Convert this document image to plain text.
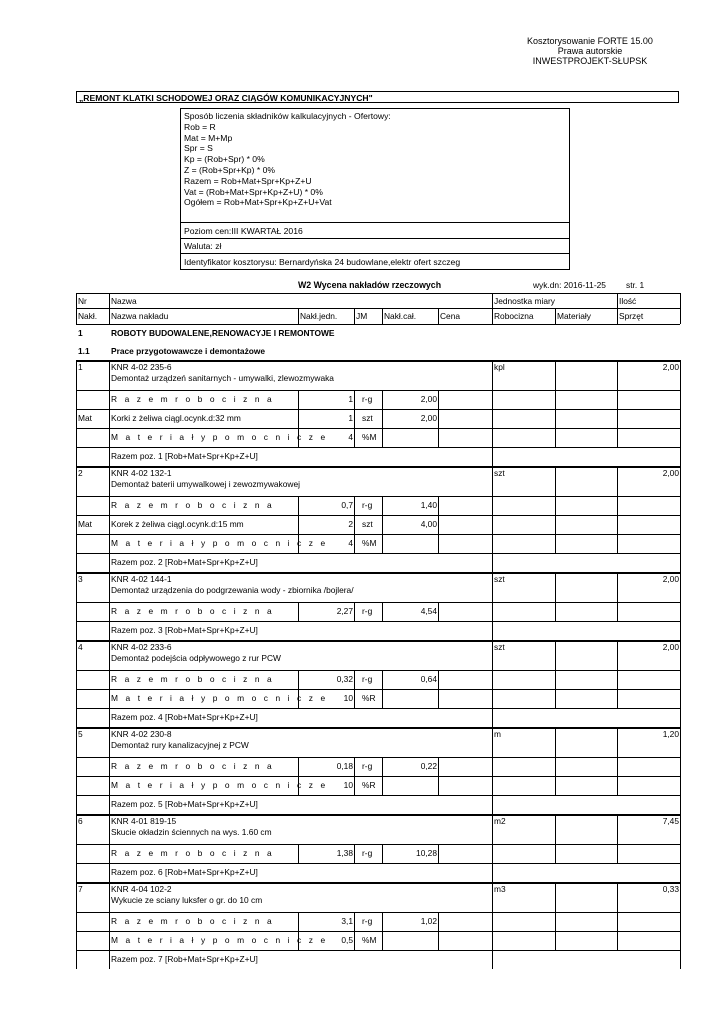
Kosztorysowanie FORTE 15.00
Prawa autorskie
INWESTPROJEKT-SŁUPSK
„REMONT KLATKI SCHODOWEJ ORAZ CIĄGÓW KOMUNIKACYJNYCH"
Sposób liczenia składników kalkulacyjnych - Ofertowy:
Rob = R
Mat = M+Mp
Spr = S
Kp = (Rob+Spr) * 0%
Z = (Rob+Spr+Kp) * 0%
Razem = Rob+Mat+Spr+Kp+Z+U
Vat = (Rob+Mat+Spr+Kp+Z+U) * 0%
Ogółem = Rob+Mat+Spr+Kp+Z+U+Vat
Poziom cen:III KWARTAŁ 2016
Waluta: zł
Identyfikator kosztorysu: Bernardyńska 24 budowlane,elektr ofert szczeg
W2 Wycena nakładów rzeczowych	wyk.dn: 2016-11-25 str. 1
Nr	Nazwa	Jednostka miary	Ilość
Nakł. Nazwa nakładu	Nakł.jedn. JM Nakł.cał.	Cena	Robocizna	Materiały	Sprzęt
1	ROBOTY BUDOWALENE,RENOWACYJE I REMONTOWE
1.1	Prace przygotowawcze i demontażowe
1	KNR 4-02 235-6
Demontaż urządzeń sanitarnych - umywalki, zlewozmywaka
kpl	2,00
R a z e m r o b o c i z n a	1 r-g	2,00
Mat Korki z żeliwa ciągl.ocynk.d:32 mm	1 szt	2,00
M a t e r i a ł y p o m o c n i c z e 4 %M
Razem poz. 1 [Rob+Mat+Spr+Kp+Z+U]
2	KNR 4-02 132-1
Demontaż baterii umywalkowej i zewozmywakowej
szt	2,00
R a z e m r o b o c i z n a	0,7 r-g	1,40
Mat Korek z żeliwa ciągl.ocynk.d:15 mm	2 szt	4,00
M a t e r i a ł y p o m o c n i c z e 4 %M
Razem poz. 2 [Rob+Mat+Spr+Kp+Z+U]
3	KNR 4-02 144-1
Demontaż urządzenia do podgrzewania wody - zbiornika /bojlera/
szt	2,00
R a z e m r o b o c i z n a	2,27 r-g	4,54
Razem poz. 3 [Rob+Mat+Spr+Kp+Z+U]
4	KNR 4-02 233-6
Demontaż podejścia odpływowego z rur PCW
szt	2,00
R a z e m r o b o c i z n a	0,32 r-g	0,64
M a t e r i a ł y p o m o c n i c z e 10 %R
Razem poz. 4 [Rob+Mat+Spr+Kp+Z+U]
5	KNR 4-02 230-8
Demontaż rury kanalizacyjnej z PCW
m	1,20
R a z e m r o b o c i z n a	0,18 r-g	0,22
M a t e r i a ł y p o m o c n i c z e 10 %R
Razem poz. 5 [Rob+Mat+Spr+Kp+Z+U]
6	KNR 4-01 819-15
Skucie okładzin ściennych na wys. 1.60 cm
m2	7,45
R a z e m r o b o c i z n a	1,38 r-g	10,28
Razem poz. 6 [Rob+Mat+Spr+Kp+Z+U]
7	KNR 4-04 102-2
Wykucie ze sciany luksfer o gr. do 10 cm
m3	0,33
R a z e m r o b o c i z n a	3,1 r-g	1,02
M a t e r i a ł y p o m o c n i c z e 0,5 %M
Razem poz. 7 [Rob+Mat+Spr+Kp+Z+U]
